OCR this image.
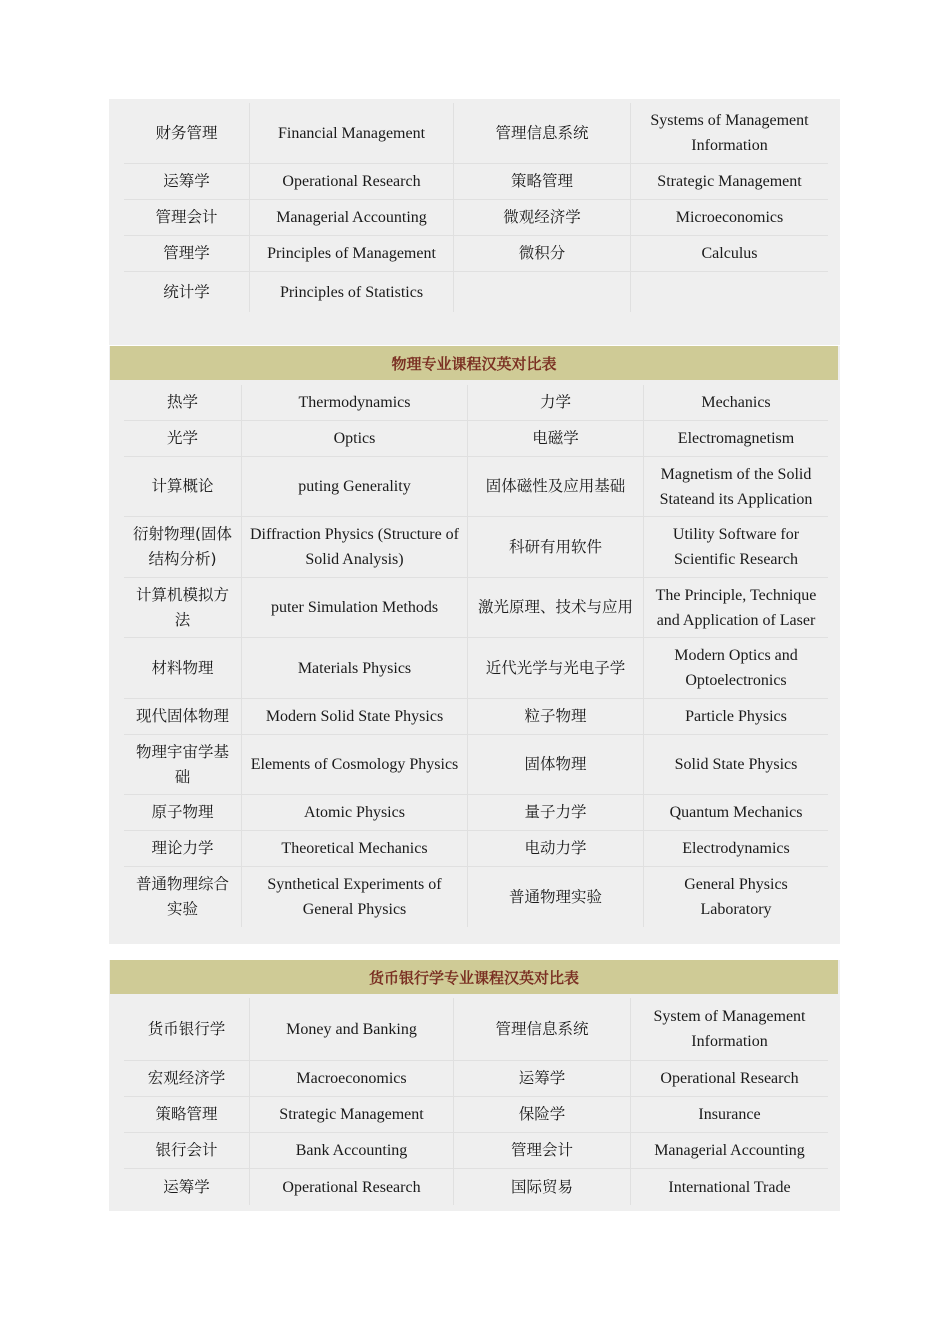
财务管理	Financial Management	管理信息系统	Systems of Management Information
运筹学	Operational Research	策略管理	Strategic Management
管理会计	Managerial Accounting	微观经济学	Microeconomics
管理学	Principles of Management	微积分	Calculus
统计学	Principles of Statistics		
物理专业课程汉英对比表
热学	Thermodynamics	力学	Mechanics
光学	Optics	电磁学	Electromagnetism
计算概论	puting Generality	固体磁性及应用基础	Magnetism of the Solid Stateand its Application
衍射物理(固体结构分析)	Diffraction Physics (Structure of Solid Analysis)	科研有用软件	Utility Software for Scientific Research
计算机模拟方法	puter Simulation Methods	激光原理、技术与应用	The Principle, Technique and Application of Laser
材料物理	Materials Physics	近代光学与光电子学	Modern Optics and Optoelectronics
现代固体物理	Modern Solid State Physics	粒子物理	Particle Physics
物理宇宙学基础	Elements of Cosmology Physics	固体物理	Solid State Physics
原子物理	Atomic Physics	量子力学	Quantum Mechanics
理论力学	Theoretical Mechanics	电动力学	Electrodynamics
普通物理综合实验	Synthetical Experiments of General Physics	普通物理实验	General Physics Laboratory
货币银行学专业课程汉英对比表
货币银行学	Money and Banking	管理信息系统	System of Management Information
宏观经济学	Macroeconomics	运筹学	Operational Research
策略管理	Strategic Management	保险学	Insurance
银行会计	Bank Accounting	管理会计	Managerial Accounting
运筹学	Operational Research	国际贸易	International Trade
